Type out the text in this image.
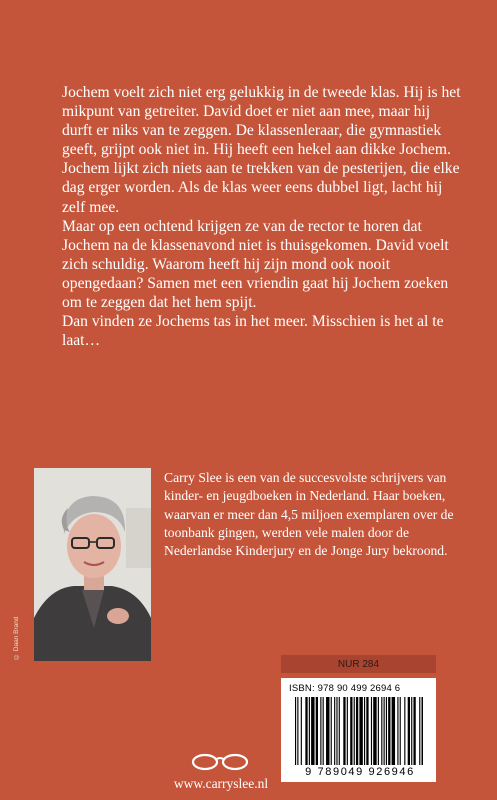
Jochem voelt zich niet erg gelukkig in de tweede klas. Hij is het mikpunt van getreiter. David doet er niet aan mee, maar hij durft er niks van te zeggen. De klassenleraar, die gymnastiek geeft, grijpt ook niet in. Hij heeft een hekel aan dikke Jochem. Jochem lijkt zich niets aan te trekken van de pesterijen, die elke dag erger worden. Als de klas weer eens dubbel ligt, lacht hij zelf mee.

Maar op een ochtend krijgen ze van de rector te horen dat Jochem na de klassenavond niet is thuisgekomen. David voelt zich schuldig. Waarom heeft hij zijn mond ook nooit opengedaan? Samen met een vriendin gaat hij Jochem zoeken om te zeggen dat het hem spijt.

Dan vinden ze Jochems tas in het meer. Misschien is het al te laat…

© Daan Brand

Carry Slee is een van de succesvolste schrijvers van kinder- en jeugdboeken in Nederland. Haar boeken, waarvan er meer dan 4,5 miljoen exemplaren over de toonbank gingen, werden vele malen door de Nederlandse Kinderjury en de Jonge Jury bekroond.

NUR 284
ISBN: 978 90 499 2694 6
9 789049 926946
www.carryslee.nl
